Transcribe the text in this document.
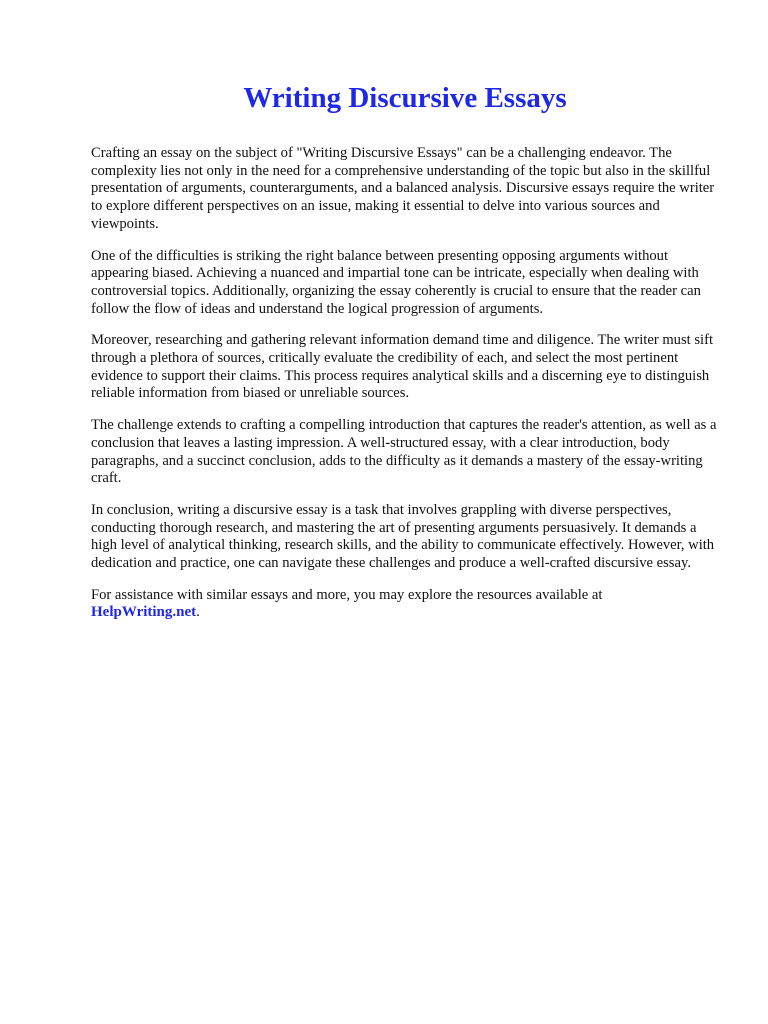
Writing Discursive Essays

Crafting an essay on the subject of "Writing Discursive Essays" can be a challenging endeavor. The complexity lies not only in the need for a comprehensive understanding of the topic but also in the skillful presentation of arguments, counterarguments, and a balanced analysis. Discursive essays require the writer to explore different perspectives on an issue, making it essential to delve into various sources and viewpoints.

One of the difficulties is striking the right balance between presenting opposing arguments without appearing biased. Achieving a nuanced and impartial tone can be intricate, especially when dealing with controversial topics. Additionally, organizing the essay coherently is crucial to ensure that the reader can follow the flow of ideas and understand the logical progression of arguments.

Moreover, researching and gathering relevant information demand time and diligence. The writer must sift through a plethora of sources, critically evaluate the credibility of each, and select the most pertinent evidence to support their claims. This process requires analytical skills and a discerning eye to distinguish reliable information from biased or unreliable sources.

The challenge extends to crafting a compelling introduction that captures the reader's attention, as well as a conclusion that leaves a lasting impression. A well-structured essay, with a clear introduction, body paragraphs, and a succinct conclusion, adds to the difficulty as it demands a mastery of the essay-writing craft.

In conclusion, writing a discursive essay is a task that involves grappling with diverse perspectives, conducting thorough research, and mastering the art of presenting arguments persuasively. It demands a high level of analytical thinking, research skills, and the ability to communicate effectively. However, with dedication and practice, one can navigate these challenges and produce a well-crafted discursive essay.

For assistance with similar essays and more, you may explore the resources available at
HelpWriting.net.
